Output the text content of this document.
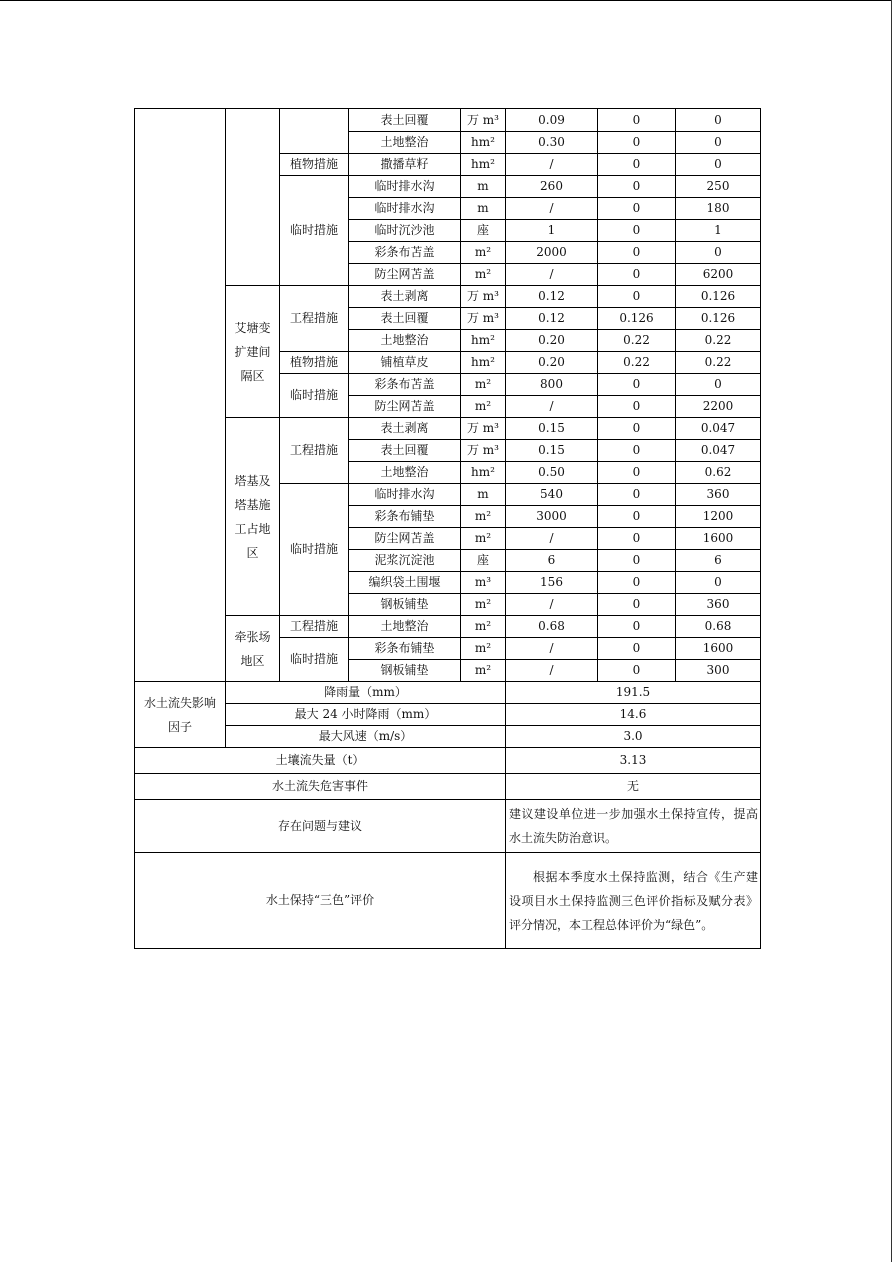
			表土回覆	万 m³	0.09	0	0
			土地整治	hm²	0.30	0	0
		植物措施	撒播草籽	hm²	/	0	0
		临时措施	临时排水沟	m	260	0	250
			临时排水沟	m	/	0	180
			临时沉沙池	座	1	0	1
			彩条布苫盖	m²	2000	0	0
			防尘网苫盖	m²	/	0	6200
	艾塘变扩建间隔区	工程措施	表土剥离	万 m³	0.12	0	0.126
			表土回覆	万 m³	0.12	0.126	0.126
			土地整治	hm²	0.20	0.22	0.22
		植物措施	铺植草皮	hm²	0.20	0.22	0.22
		临时措施	彩条布苫盖	m²	800	0	0
			防尘网苫盖	m²	/	0	2200
	塔基及塔基施工占地区	工程措施	表土剥离	万 m³	0.15	0	0.047
			表土回覆	万 m³	0.15	0	0.047
			土地整治	hm²	0.50	0	0.62
		临时措施	临时排水沟	m	540	0	360
			彩条布铺垫	m²	3000	0	1200
			防尘网苫盖	m²	/	0	1600
			泥浆沉淀池	座	6	0	6
			编织袋土围堰	m³	156	0	0
			钢板铺垫	m²	/	0	360
	牵张场地区	工程措施	土地整治	m²	0.68	0	0.68
		临时措施	彩条布铺垫	m²	/	0	1600
			钢板铺垫	m²	/	0	300
水土流失影响因子	降雨量（mm）				191.5		
	最大 24 小时降雨（mm）				14.6		
	最大风速（m/s）				3.0		
土壤流失量（t）					3.13		
水土流失危害事件					无		
存在问题与建议					建议建设单位进一步加强水土保持宣传，提高水土流失防治意识。		
水土保持“三色”评价					根据本季度水土保持监测，结合《生产建设项目水土保持监测三色评价指标及赋分表》评分情况，本工程总体评价为“绿色”。		
